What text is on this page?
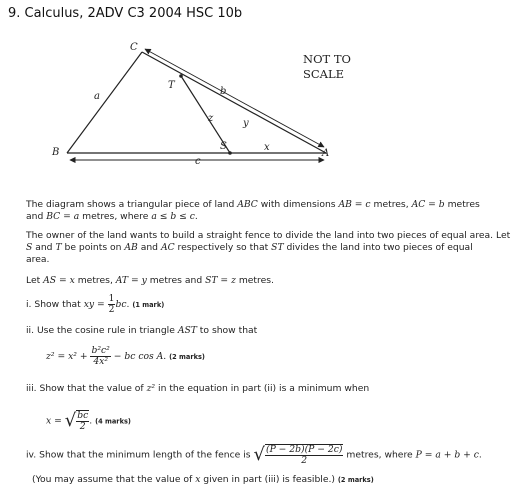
9. Calculus, 2ADV C3 2004 HSC 10b
C
B	A
T
S
a	b
c
x
y
z
NOT TO
SCALE
The diagram shows a triangular piece of land ABC with dimensions AB = c metres, AC = b metres
and BC = a metres, where a ≤ b ≤ c.
The owner of the land wants to build a straight fence to divide the land into two pieces of equal area. Let
S and T be points on AB and AC respectively so that ST divides the land into two pieces of equal
area.
Let AS = x metres, AT = y metres and ST = z metres.
i. Show that xy = $\frac{1}{2}$ bc. (1 mark)
ii. Use the cosine rule in triangle AST to show that
$z^2 = x^2 + \frac{\text{b²c²}}{\text{4x²}}$ − bc cos A. (2 marks)
iii. Show that the value of z² in the equation in part (ii) is a minimum when
x = √ $\frac{bc}{2}$ . (4 marks)
iv. Show that the minimum length of the fence is √ $\frac{(P - 2b)(P - 2c)}{2}$ metres, where P = a + b + c.
(You may assume that the value of x given in part (iii) is feasible.) (2 marks)
